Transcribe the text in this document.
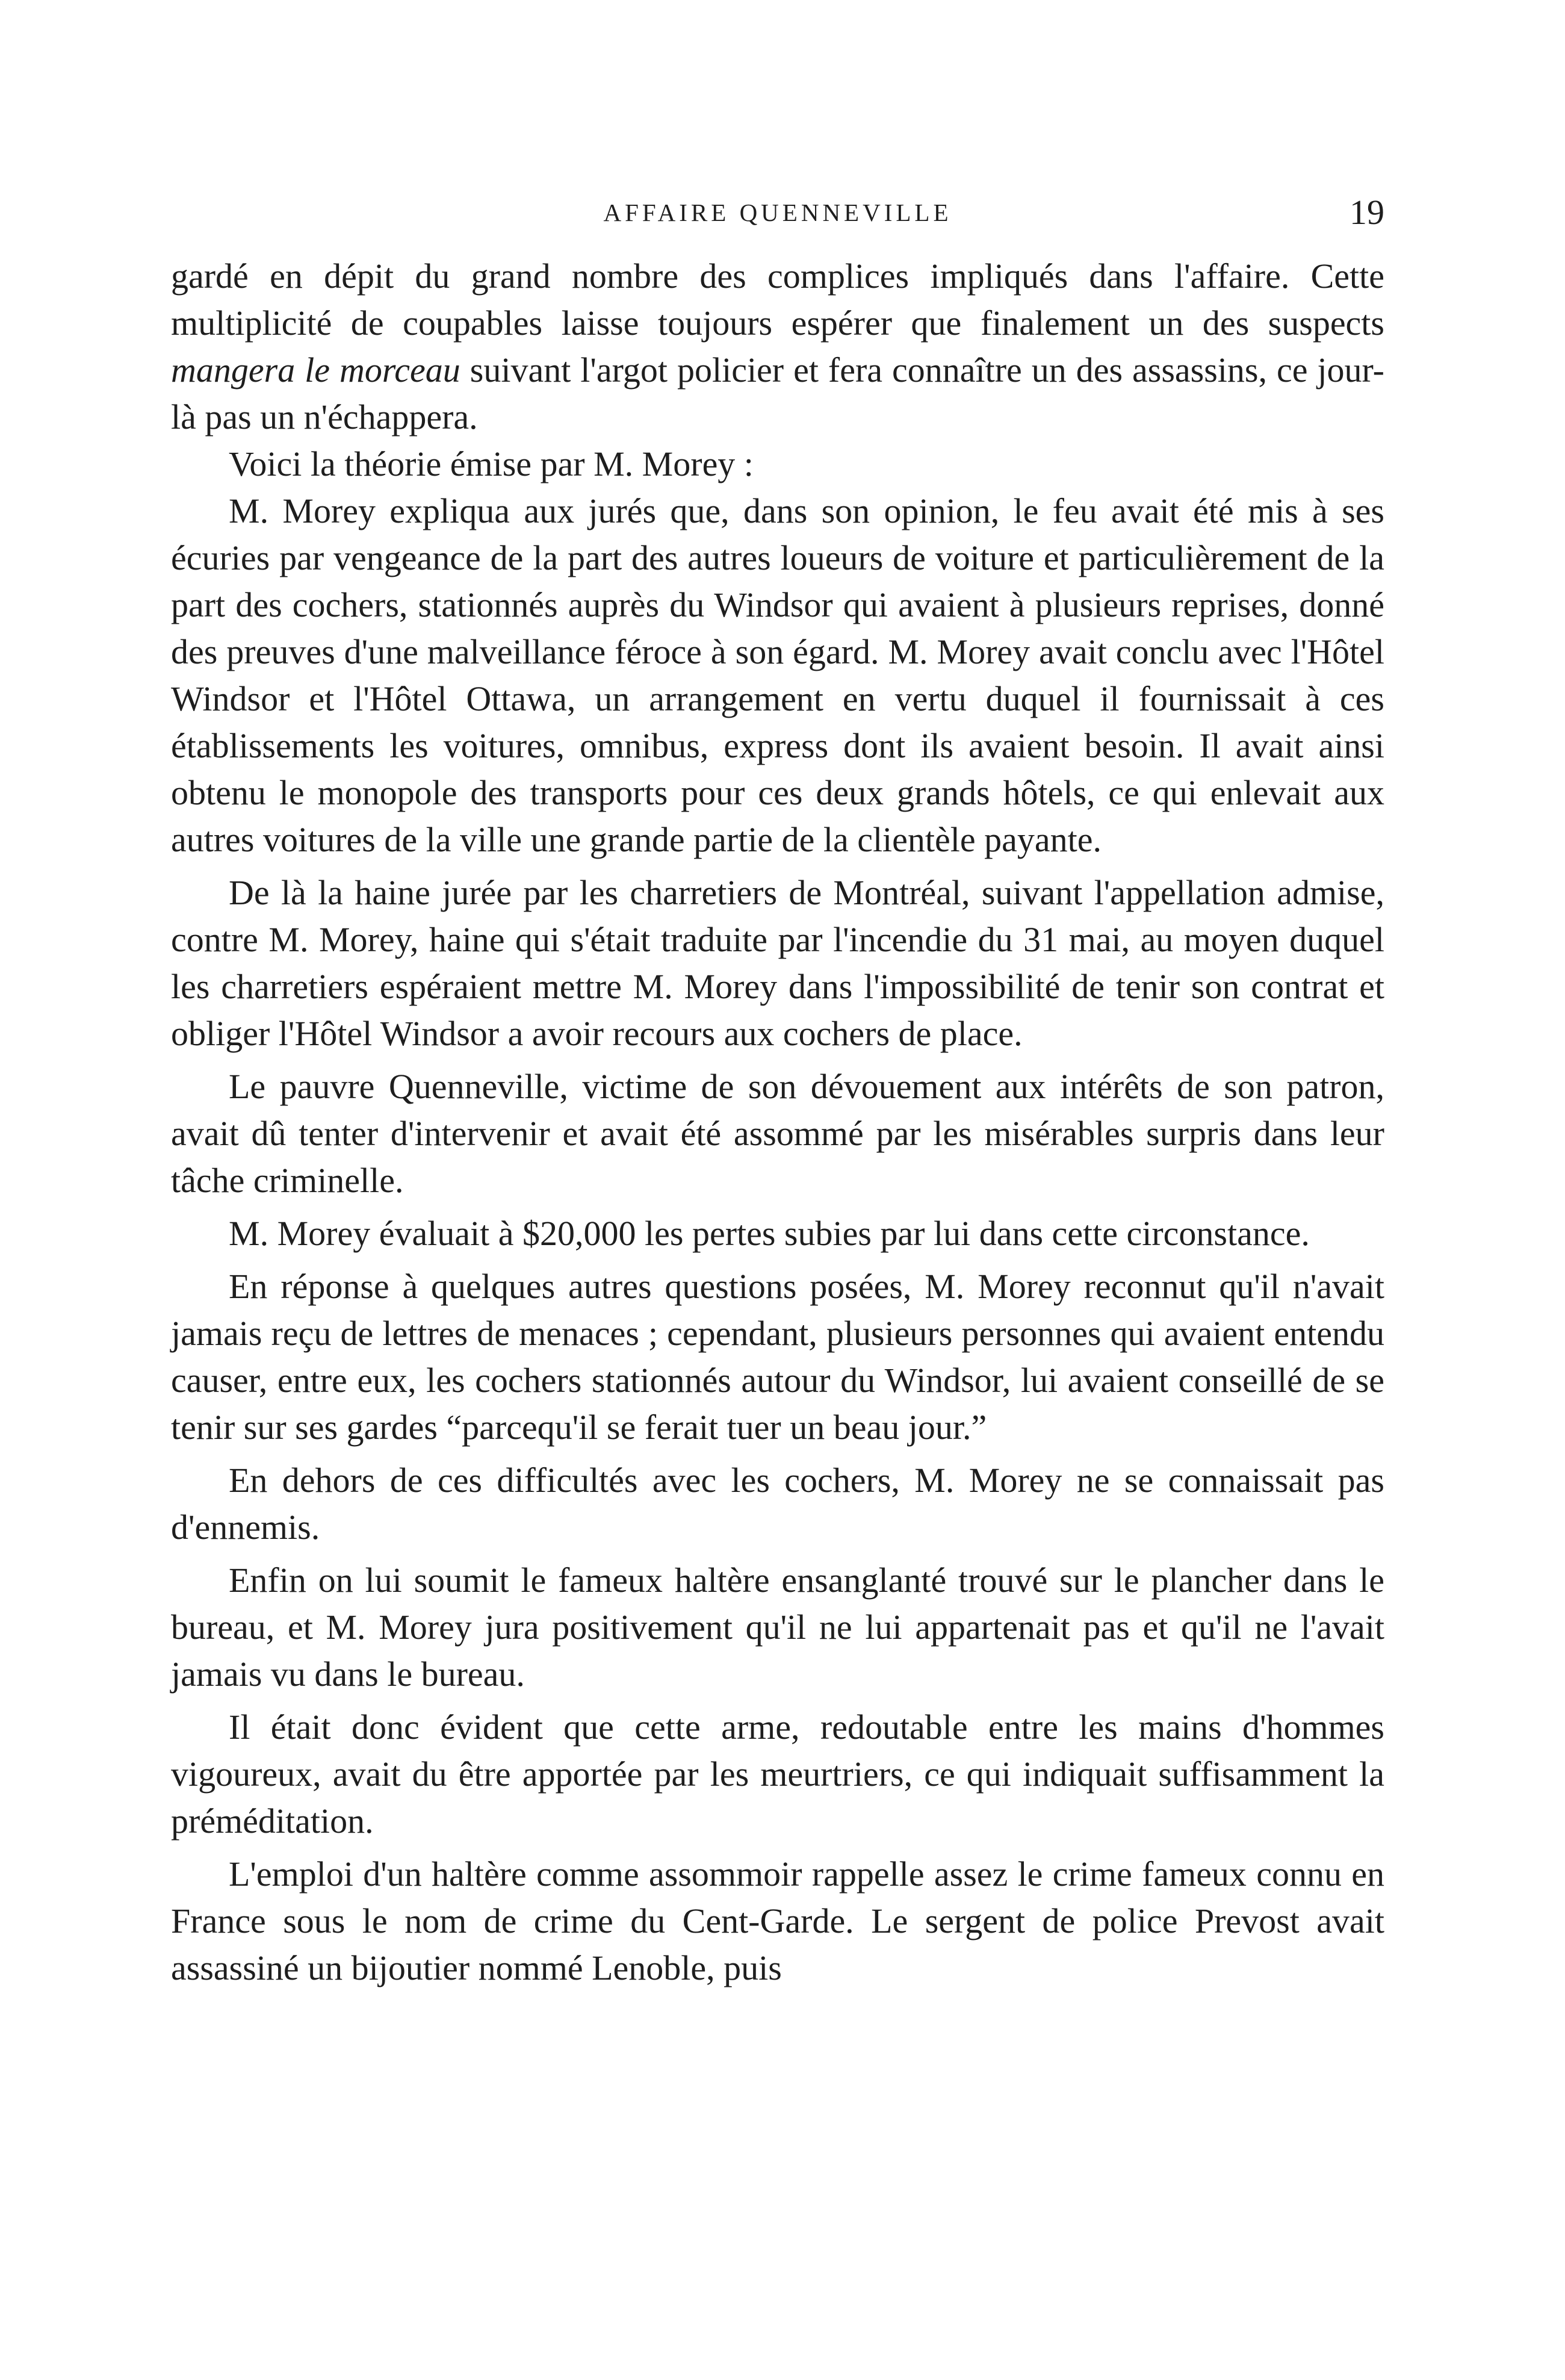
AFFAIRE QUENNEVILLE	19

gardé en dépit du grand nombre des complices impliqués dans l'affaire. Cette multiplicité de coupables laisse toujours espérer que finalement un des suspects mangera le morceau suivant l'argot policier et fera connaître un des assassins, ce jour-là pas un n'échappera.

Voici la théorie émise par M. Morey :

M. Morey expliqua aux jurés que, dans son opinion, le feu avait été mis à ses écuries par vengeance de la part des autres loueurs de voiture et particulièrement de la part des cochers, stationnés auprès du Windsor qui avaient à plusieurs reprises, donné des preuves d'une malveillance féroce à son égard. M. Morey avait conclu avec l'Hôtel Windsor et l'Hôtel Ottawa, un arrangement en vertu duquel il fournissait à ces établissements les voitures, omnibus, express dont ils avaient besoin. Il avait ainsi obtenu le monopole des transports pour ces deux grands hôtels, ce qui enlevait aux autres voitures de la ville une grande partie de la clientèle payante.

De là la haine jurée par les charretiers de Montréal, suivant l'appellation admise, contre M. Morey, haine qui s'était traduite par l'incendie du 31 mai, au moyen duquel les charretiers espéraient mettre M. Morey dans l'impossibilité de tenir son contrat et obliger l'Hôtel Windsor a avoir recours aux cochers de place.

Le pauvre Quenneville, victime de son dévouement aux intérêts de son patron, avait dû tenter d'intervenir et avait été assommé par les misérables surpris dans leur tâche criminelle.

M. Morey évaluait à $20,000 les pertes subies par lui dans cette circonstance.

En réponse à quelques autres questions posées, M. Morey reconnut qu'il n'avait jamais reçu de lettres de menaces ; cependant, plusieurs personnes qui avaient entendu causer, entre eux, les cochers stationnés autour du Windsor, lui avaient conseillé de se tenir sur ses gardes “parcequ'il se ferait tuer un beau jour.”

En dehors de ces difficultés avec les cochers, M. Morey ne se connaissait pas d'ennemis.

Enfin on lui soumit le fameux haltère ensanglanté trouvé sur le plancher dans le bureau, et M. Morey jura positivement qu'il ne lui appartenait pas et qu'il ne l'avait jamais vu dans le bureau.

Il était donc évident que cette arme, redoutable entre les mains d'hommes vigoureux, avait du être apportée par les meurtriers, ce qui indiquait suffisamment la préméditation.

L'emploi d'un haltère comme assommoir rappelle assez le crime fameux connu en France sous le nom de crime du Cent-Garde. Le sergent de police Prevost avait assassiné un bijoutier nommé Lenoble, puis
